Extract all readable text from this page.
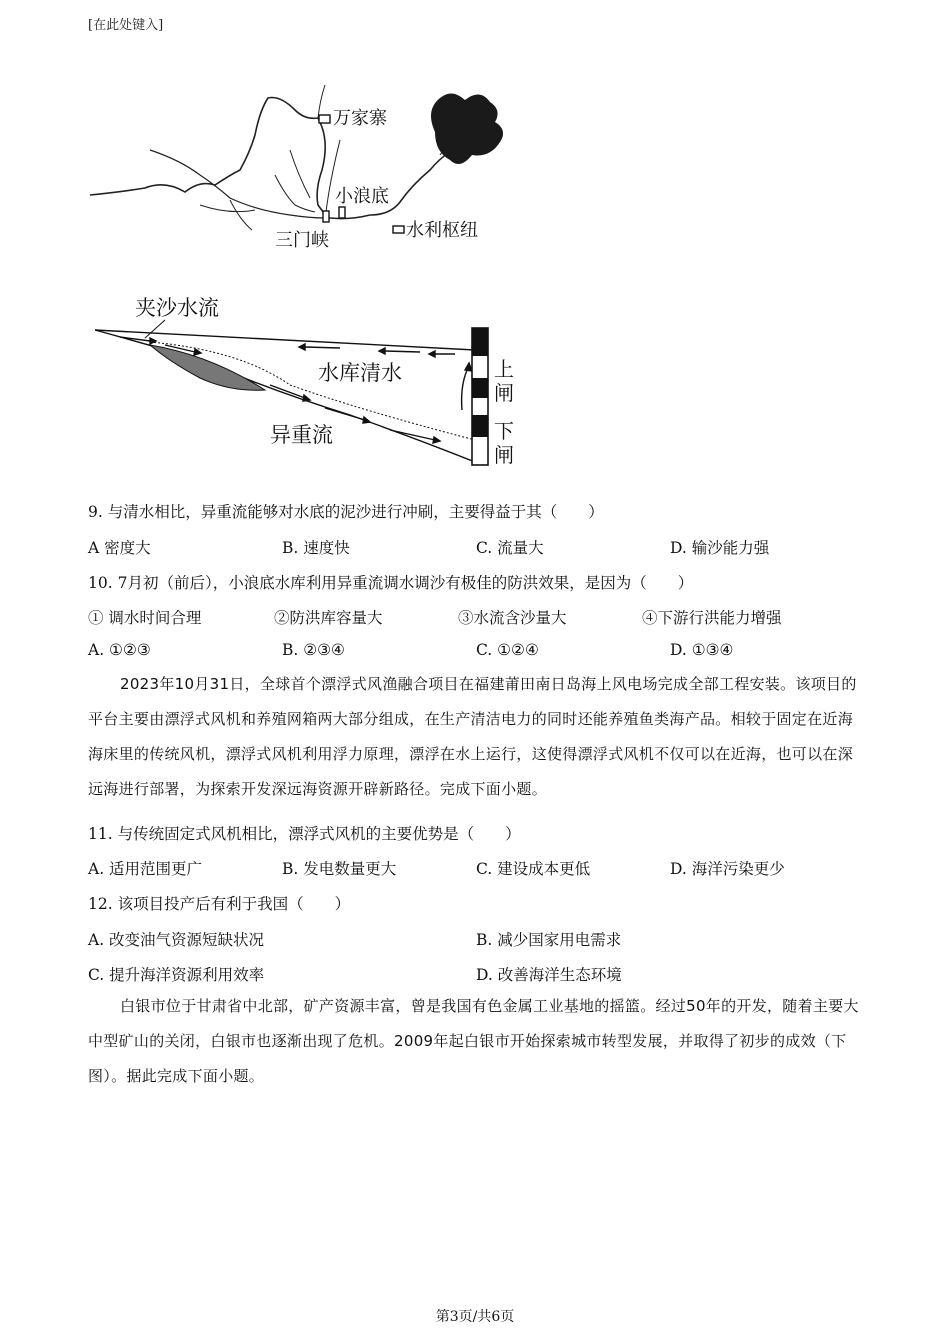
[在此处键入]
万家寨
小浪底
三门峡	水利枢纽
夹沙水流
水库清水
异重流
上
闸
下
闸
9. 与清水相比，异重流能够对水底的泥沙进行冲刷，主要得益于其（　　）
A 密度大	B. 速度快	C. 流量大	D. 输沙能力强
10. 7月初（前后），小浪底水库利用异重流调水调沙有极佳的防洪效果，是因为（　　）
① 调水时间合理	②防洪库容量大	③水流含沙量大	④下游行洪能力增强
A. ①②③	B. ②③④	C. ①②④	D. ①③④
2023年10月31日，全球首个漂浮式风渔融合项目在福建莆田南日岛海上风电场完成全部工程安装。该项目的平台主要由漂浮式风机和养殖网箱两大部分组成，在生产清洁电力的同时还能养殖鱼类海产品。相较于固定在近海海床里的传统风机，漂浮式风机利用浮力原理，漂浮在水上运行，这使得漂浮式风机不仅可以在近海，也可以在深远海进行部署，为探索开发深远海资源开辟新路径。完成下面小题。
11. 与传统固定式风机相比，漂浮式风机的主要优势是（　　）
A. 适用范围更广	B. 发电数量更大	C. 建设成本更低	D. 海洋污染更少
12. 该项目投产后有利于我国（　　）
A. 改变油气资源短缺状况	B. 减少国家用电需求
C. 提升海洋资源利用效率	D. 改善海洋生态环境
白银市位于甘肃省中北部，矿产资源丰富，曾是我国有色金属工业基地的摇篮。经过50年的开发，随着主要大中型矿山的关闭，白银市也逐渐出现了危机。2009年起白银市开始探索城市转型发展，并取得了初步的成效（下图）。据此完成下面小题。
第3页/共6页
